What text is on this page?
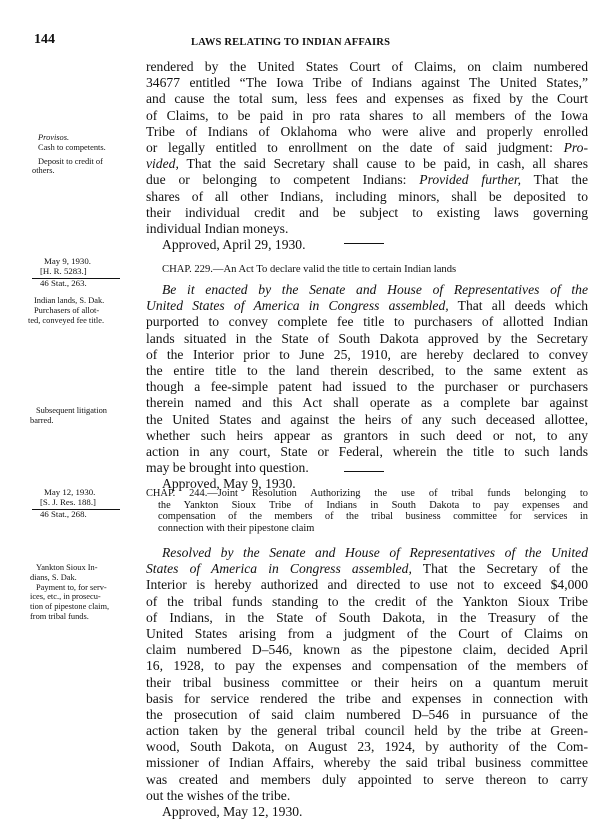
144	LAWS RELATING TO INDIAN AFFAIRS
rendered by the United States Court of Claims, on claim numbered
34677 entitled “The Iowa Tribe of Indians against The United States,”
and cause the total sum, less fees and expenses as fixed by the Court
of Claims, to be paid in pro rata shares to all members of the Iowa
Tribe of Indians of Oklahoma who were alive and properly enrolled
or legally entitled to enrollment on the date of said judgment: Pro-
vided, That the said Secretary shall cause to be paid, in cash, all shares
due or belonging to competent Indians: Provided further, That the
shares of all other Indians, including minors, shall be deposited to
their individual credit and be subject to existing laws governing
individual Indian moneys.
Approved, April 29, 1930.
Provisos.
Cash to competents.
Deposit to credit of
others.
May 9, 1930.
[H. R. 5283.]
46 Stat., 263.
Indian lands, S. Dak.
Purchasers of allot-
ted, conveyed fee title.
Subsequent litigation
barred.
CHAP. 229.—An Act To declare valid the title to certain Indian lands
Be it enacted by the Senate and House of Representatives of the
United States of America in Congress assembled, That all deeds which
purported to convey complete fee title to purchasers of allotted Indian
lands situated in the State of South Dakota approved by the Secretary
of the Interior prior to June 25, 1910, are hereby declared to convey
the entire title to the land therein described, to the same extent as
though a fee-simple patent had issued to the purchaser or purchasers
therein named and this Act shall operate as a complete bar against
the United States and against the heirs of any such deceased allottee,
whether such heirs appear as grantors in such deed or not, to any
action in any court, State or Federal, wherein the title to such lands
may be brought into question.
Approved, May 9, 1930.
May 12, 1930.
[S. J. Res. 188.]
46 Stat., 268.
Yankton Sioux In-
dians, S. Dak.
Payment to, for serv-
ices, etc., in prosecu-
tion of pipestone claim,
from tribal funds.
CHAP. 244.—Joint Resolution Authorizing the use of tribal funds belonging to
the Yankton Sioux Tribe of Indians in South Dakota to pay expenses and
compensation of the members of the tribal business committee for services in
connection with their pipestone claim
Resolved by the Senate and House of Representatives of the United
States of America in Congress assembled, That the Secretary of the
Interior is hereby authorized and directed to use not to exceed $4,000
of the tribal funds standing to the credit of the Yankton Sioux Tribe
of Indians, in the State of South Dakota, in the Treasury of the
United States arising from a judgment of the Court of Claims on
claim numbered D–546, known as the pipestone claim, decided April
16, 1928, to pay the expenses and compensation of the members of
their tribal business committee or their heirs on a quantum meruit
basis for service rendered the tribe and expenses in connection with
the prosecution of said claim numbered D–546 in pursuance of the
action taken by the general tribal council held by the tribe at Green-
wood, South Dakota, on August 23, 1924, by authority of the Com-
missioner of Indian Affairs, whereby the said tribal business committee
was created and members duly appointed to serve thereon to carry
out the wishes of the tribe.
Approved, May 12, 1930.
